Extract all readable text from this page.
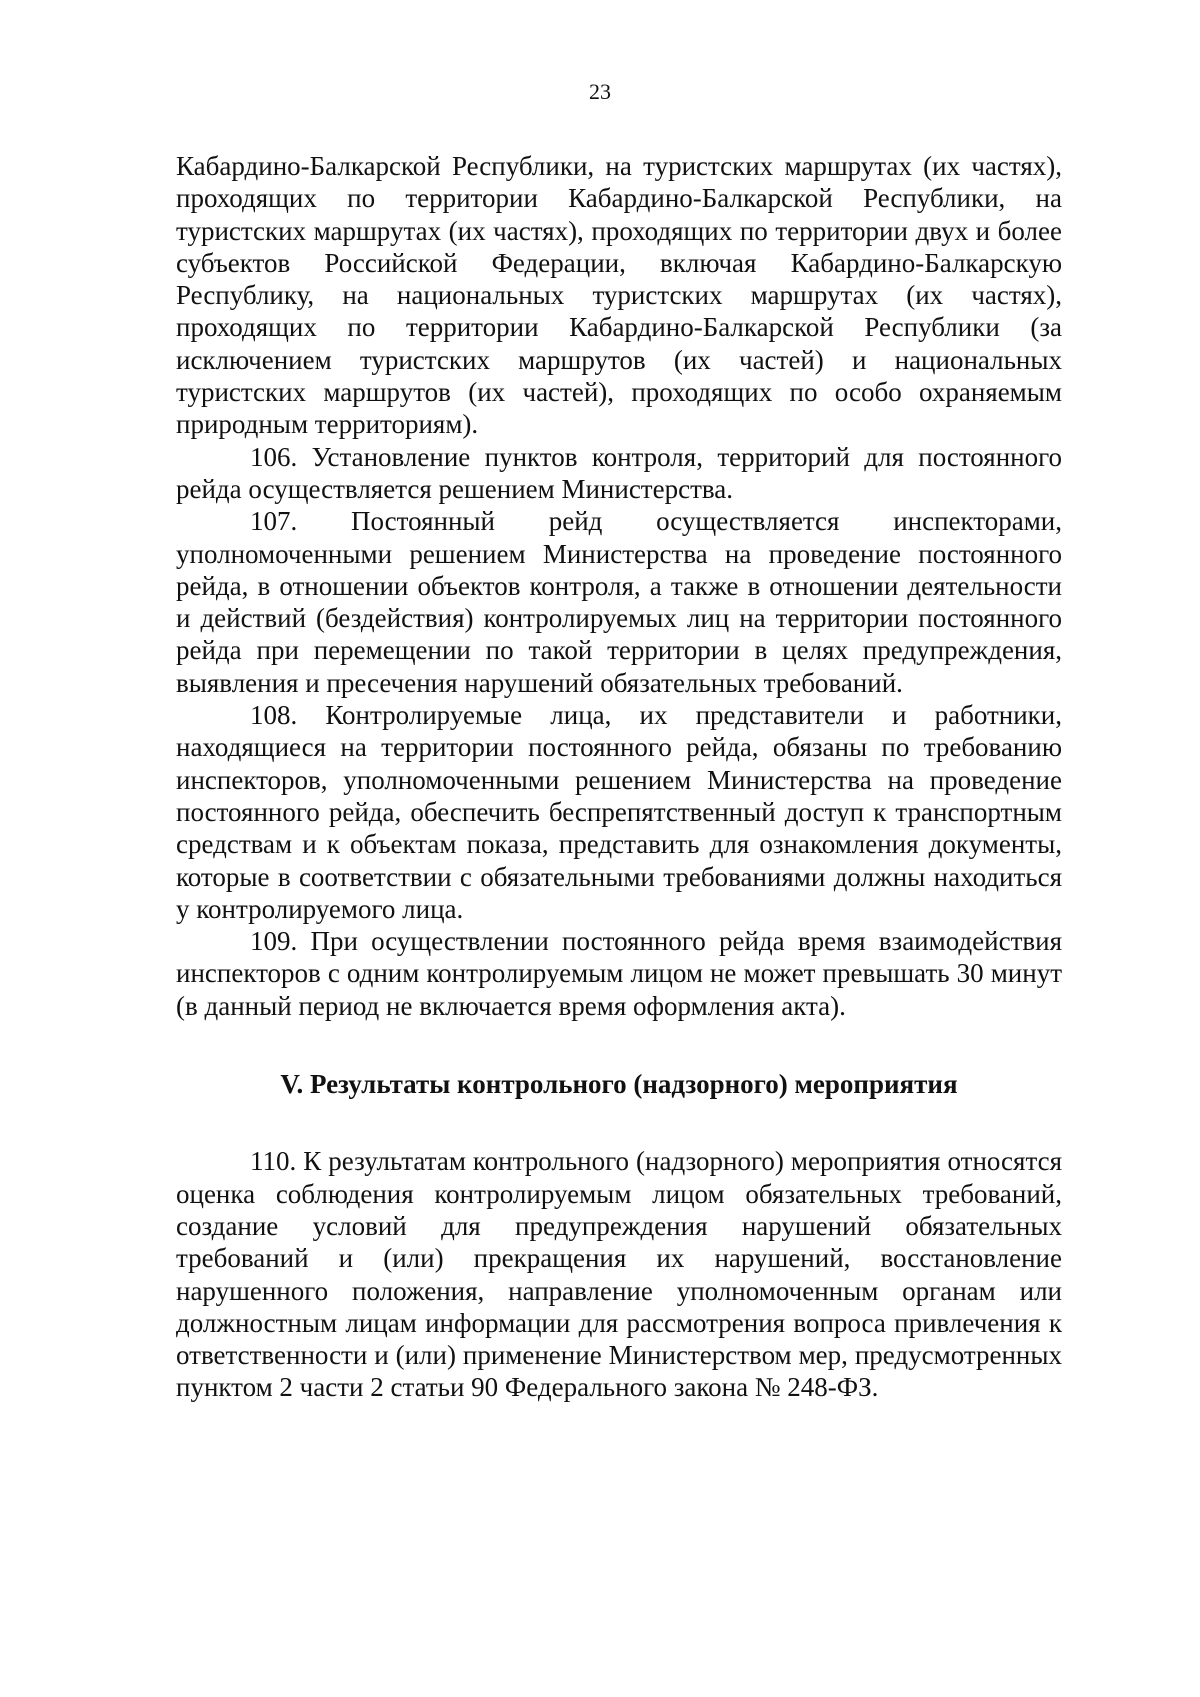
23

Кабардино-Балкарской Республики, на туристских маршрутах (их частях), проходящих по территории Кабардино-Балкарской Республики, на туристских маршрутах (их частях), проходящих по территории двух и более субъектов Российской Федерации, включая Кабардино-Балкарскую Республику, на национальных туристских маршрутах (их частях), проходящих по территории Кабардино-Балкарской Республики (за исключением туристских маршрутов (их частей) и национальных туристских маршрутов (их частей), проходящих по особо охраняемым природным территориям).

106. Установление пунктов контроля, территорий для постоянного рейда осуществляется решением Министерства.

107. Постоянный рейд осуществляется инспекторами, уполномоченными решением Министерства на проведение постоянного рейда, в отношении объектов контроля, а также в отношении деятельности и действий (бездействия) контролируемых лиц на территории постоянного рейда при перемещении по такой территории в целях предупреждения, выявления и пресечения нарушений обязательных требований.

108. Контролируемые лица, их представители и работники, находящиеся на территории постоянного рейда, обязаны по требованию инспекторов, уполномоченными решением Министерства на проведение постоянного рейда, обеспечить беспрепятственный доступ к транспортным средствам и к объектам показа, представить для ознакомления документы, которые в соответствии с обязательными требованиями должны находиться у контролируемого лица.

109. При осуществлении постоянного рейда время взаимодействия инспекторов с одним контролируемым лицом не может превышать 30 минут (в данный период не включается время оформления акта).

V. Результаты контрольного (надзорного) мероприятия

110. К результатам контрольного (надзорного) мероприятия относятся оценка соблюдения контролируемым лицом обязательных требований, создание условий для предупреждения нарушений обязательных требований и (или) прекращения их нарушений, восстановление нарушенного положения, направление уполномоченным органам или должностным лицам информации для рассмотрения вопроса привлечения к ответственности и (или) применение Министерством мер, предусмотренных пунктом 2 части 2 статьи 90 Федерального закона № 248-ФЗ.
